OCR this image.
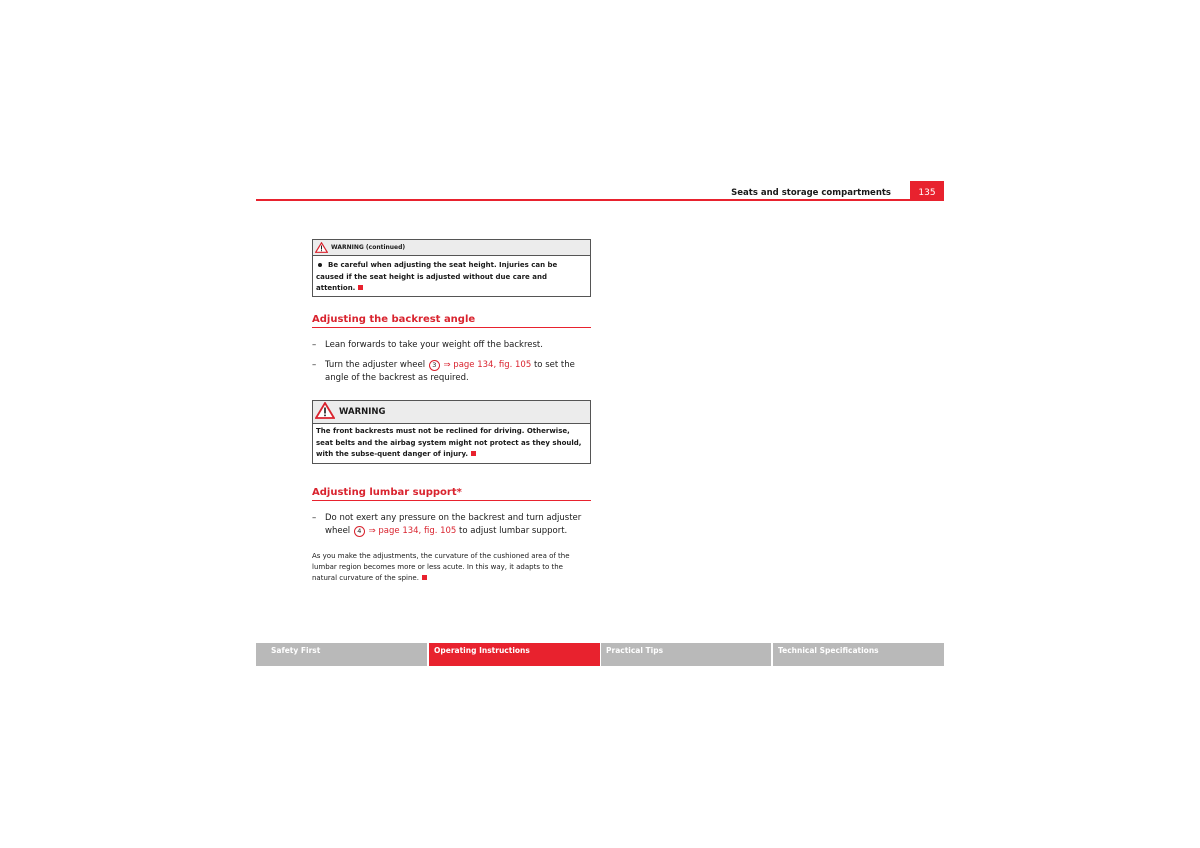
Seats and storage compartments	135
WARNING (continued)
Be careful when adjusting the seat height. Injuries can be caused if the seat height is adjusted without due care and attention.
Adjusting the backrest angle
– Lean forwards to take your weight off the backrest.
– Turn the adjuster wheel 3 ⇒ page 134, fig. 105 to set the angle of the backrest as required.
WARNING
The front backrests must not be reclined for driving. Otherwise, seat belts and the airbag system might not protect as they should, with the subse-quent danger of injury.
Adjusting lumbar support*
– Do not exert any pressure on the backrest and turn adjuster wheel 4 ⇒ page 134, fig. 105 to adjust lumbar support.
As you make the adjustments, the curvature of the cushioned area of the lumbar region becomes more or less acute. In this way, it adapts to the natural curvature of the spine.
Safety First	Operating Instructions	Practical Tips	Technical Specifications
